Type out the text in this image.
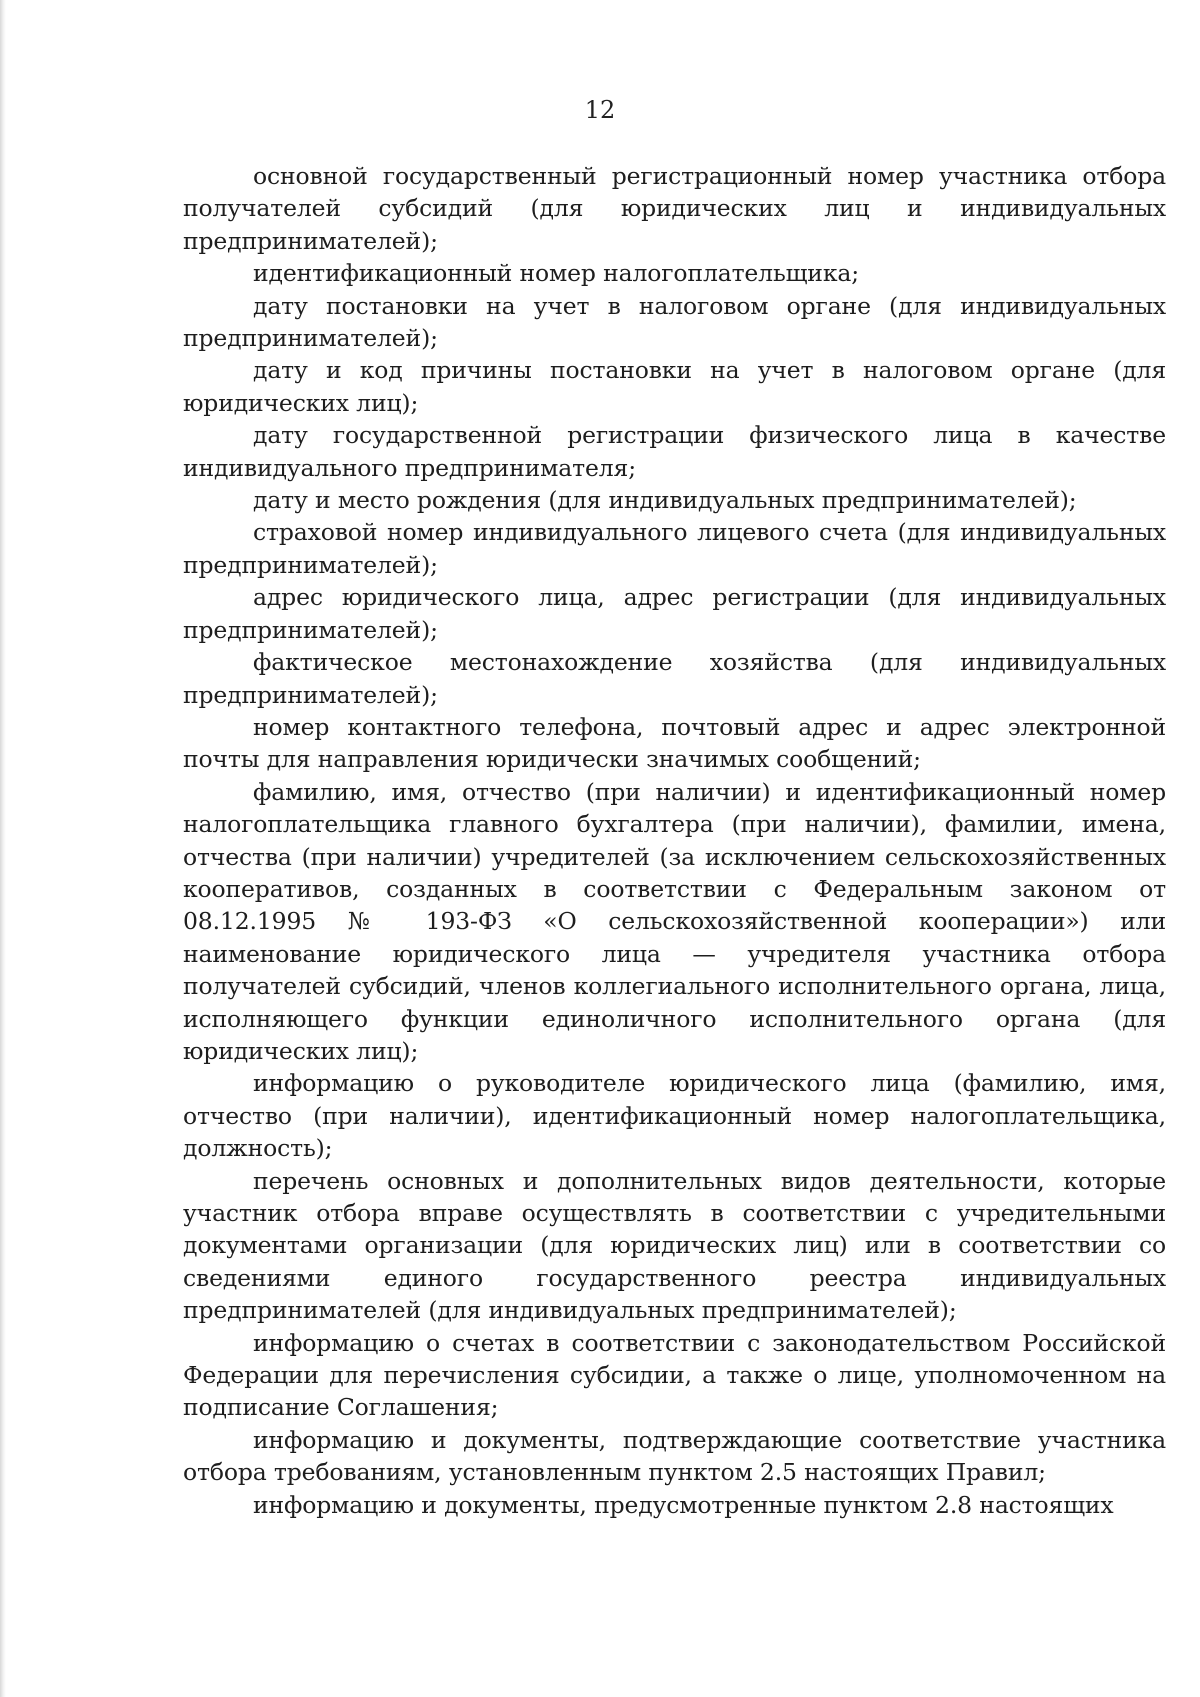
12

основной государственный регистрационный номер участника отбора получателей субсидий (для юридических лиц и индивидуальных предпринимателей);

идентификационный номер налогоплательщика;

дату постановки на учет в налоговом органе (для индивидуальных предпринимателей);

дату и код причины постановки на учет в налоговом органе (для юридических лиц);

дату государственной регистрации физического лица в качестве индивидуального предпринимателя;

дату и место рождения (для индивидуальных предпринимателей);

страховой номер индивидуального лицевого счета (для индивидуальных предпринимателей);

адрес юридического лица, адрес регистрации (для индивидуальных предпринимателей);

фактическое местонахождение хозяйства (для индивидуальных предпринимателей);

номер контактного телефона, почтовый адрес и адрес электронной почты для направления юридически значимых сообщений;

фамилию, имя, отчество (при наличии) и идентификационный номер налогоплательщика главного бухгалтера (при наличии), фамилии, имена, отчества (при наличии) учредителей (за исключением сельскохозяйственных кооперативов, созданных в соответствии с Федеральным законом от 08.12.1995 № 193-ФЗ «О сельскохозяйственной кооперации») или наименование юридического лица — учредителя участника отбора получателей субсидий, членов коллегиального исполнительного органа, лица, исполняющего функции единоличного исполнительного органа (для юридических лиц);

информацию о руководителе юридического лица (фамилию, имя, отчество (при наличии), идентификационный номер налогоплательщика, должность);

перечень основных и дополнительных видов деятельности, которые участник отбора вправе осуществлять в соответствии с учредительными документами организации (для юридических лиц) или в соответствии со сведениями единого государственного реестра индивидуальных предпринимателей (для индивидуальных предпринимателей);

информацию о счетах в соответствии с законодательством Российской Федерации для перечисления субсидии, а также о лице, уполномоченном на подписание Соглашения;

информацию и документы, подтверждающие соответствие участника отбора требованиям, установленным пунктом 2.5 настоящих Правил;

информацию и документы, предусмотренные пунктом 2.8 настоящих
